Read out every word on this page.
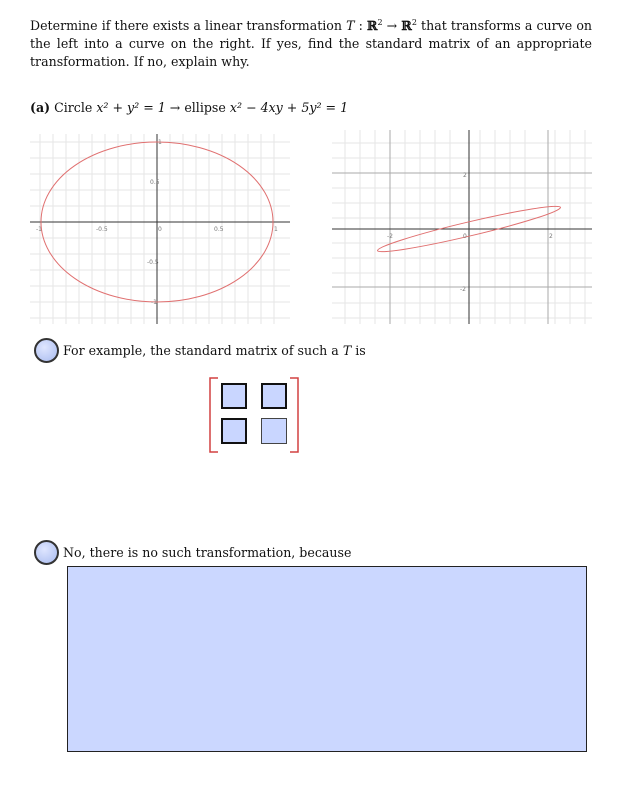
Determine if there exists a linear transformation T : ℝ$^2$ → ℝ$^2$ that transforms a curve on the left into a curve on the right. If yes, find the standard matrix of an appropriate transformation. If no, explain why.
(a) Circle x² + y² = 1 → ellipse x² − 4xy + 5y² = 1
-0.5	0	0.5
0.5
-0.5
1
-1
-1	1
-2	0	2
2
-2
For example, the standard matrix of such a T is
No, there is no such transformation, because
